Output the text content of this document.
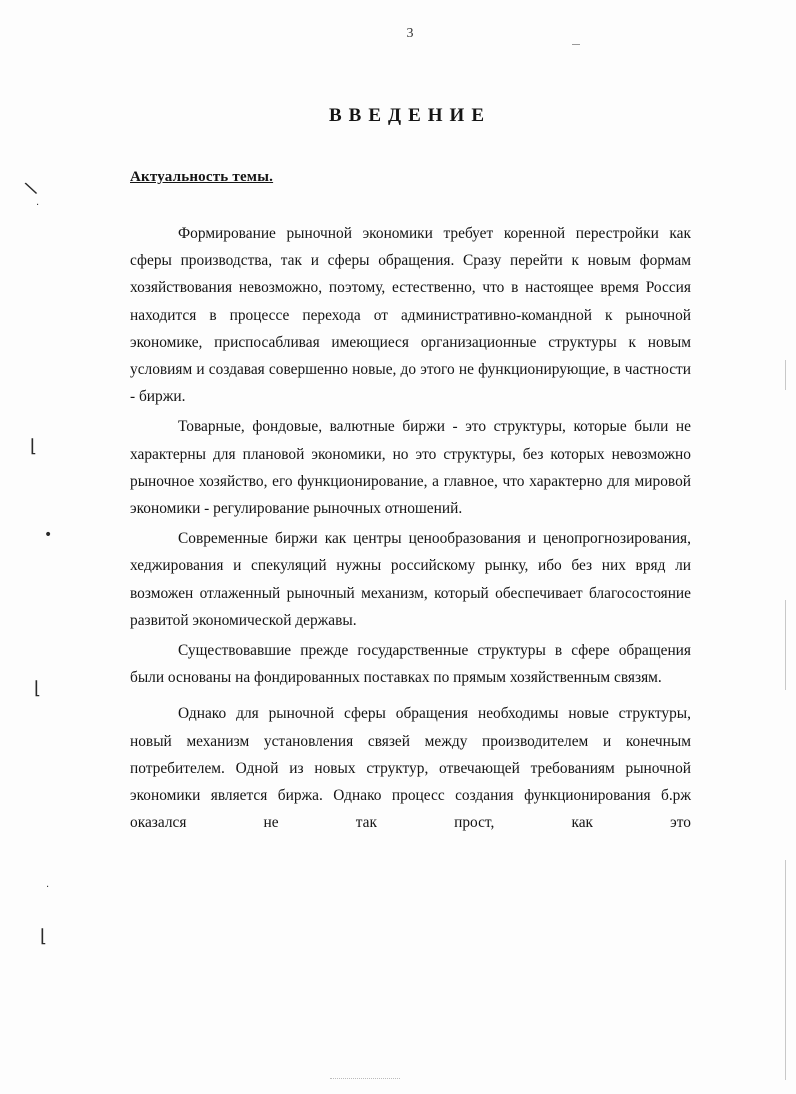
3
ВВЕДЕНИЕ
Актуальность темы.

Формирование рыночной экономики требует коренной перестройки как сферы производства, так и сферы обращения. Сразу перейти к новым формам хозяйствования невозможно, поэтому, естественно, что в настоящее время Россия находится в процессе перехода от административно-командной к рыночной экономике, приспосабливая имеющиеся организационные структуры к новым условиям и создавая совершенно новые, до этого не функционирующие, в частности - биржи.

Товарные, фондовые, валютные биржи - это структуры, которые были не характерны для плановой экономики, но это структуры, без которых невозможно рыночное хозяйство, его функционирование, а главное, что характерно для мировой экономики - регулирование рыночных отношений.

Современные биржи как центры ценообразования и ценопрогнозирования, хеджирования и спекуляций нужны российскому рынку, ибо без них вряд ли возможен отлаженный рыночный механизм, который обеспечивает благосостояние развитой экономической державы.

Существовавшие прежде государственные структуры в сфере обращения были основаны на фондированных поставках по прямым хозяйственным связям.

Однако для рыночной сферы обращения необходимы новые структуры, новый механизм установления связей между производителем и конечным потребителем. Одной из новых структур, отвечающей требованиям рыночной экономики является биржа. Однако процесс создания функционирования б.рж оказался не так прост, как это

\
·
⌊
•
⌊
·
⌊
